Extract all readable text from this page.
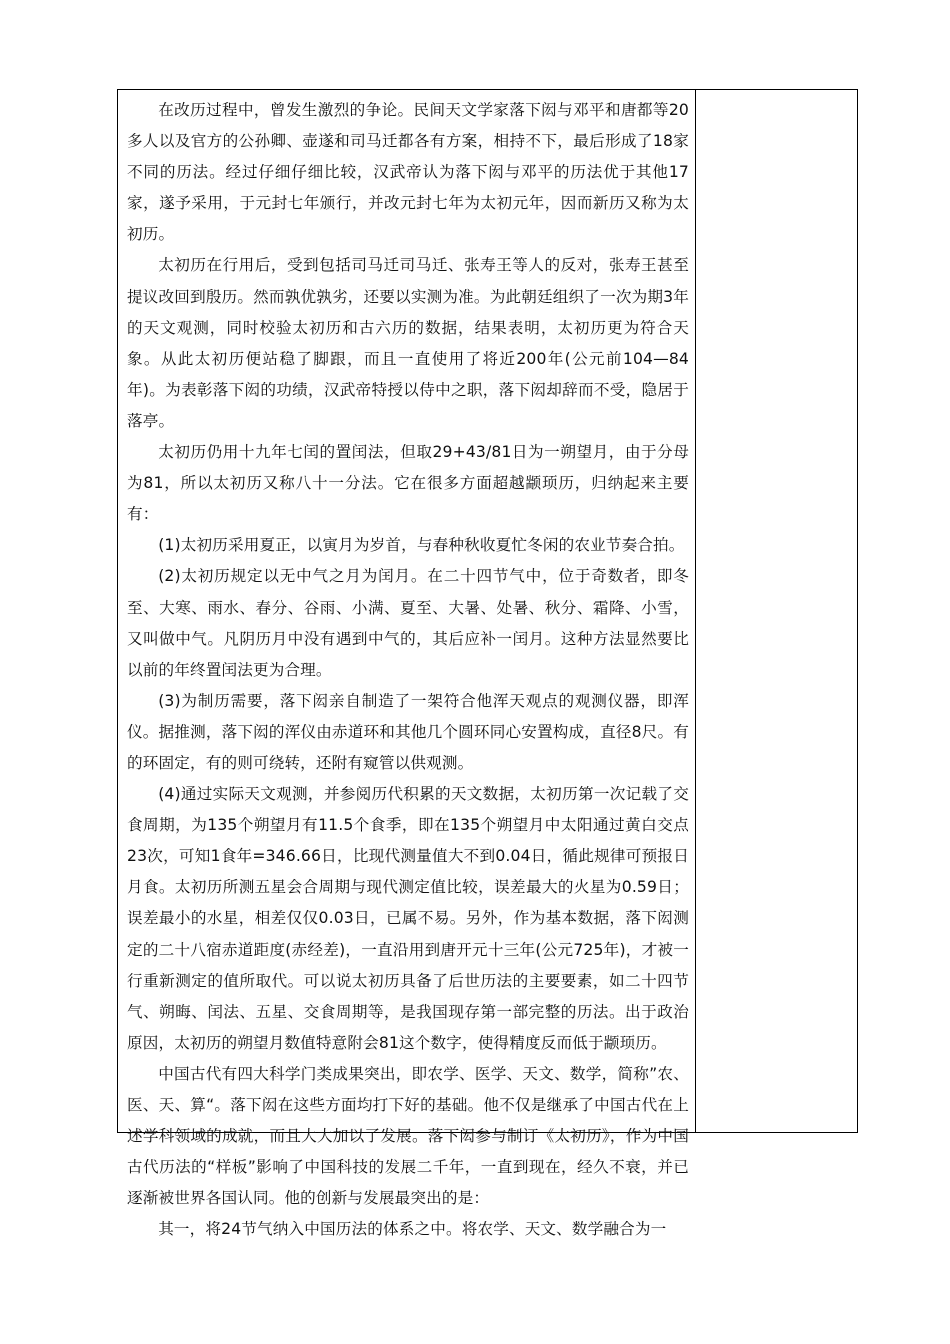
在改历过程中，曾发生激烈的争论。民间天文学家落下闳与邓平和唐都等20多人以及官方的公孙卿、壶遂和司马迁都各有方案，相持不下，最后形成了18家不同的历法。经过仔细仔细比较，汉武帝认为落下闳与邓平的历法优于其他17家，遂予采用，于元封七年颁行，并改元封七年为太初元年，因而新历又称为太初历。

太初历在行用后，受到包括司马迁司马迁、张寿王等人的反对，张寿王甚至提议改回到殷历。然而孰优孰劣，还要以实测为准。为此朝廷组织了一次为期3年的天文观测，同时校验太初历和古六历的数据，结果表明，太初历更为符合天象。从此太初历便站稳了脚跟，而且一直使用了将近200年(公元前104—84年)。为表彰落下闳的功绩，汉武帝特授以侍中之职，落下闳却辞而不受，隐居于落亭。

太初历仍用十九年七闰的置闰法，但取29+43/81日为一朔望月，由于分母为81，所以太初历又称八十一分法。它在很多方面超越颛顼历，归纳起来主要有：

(1)太初历采用夏正，以寅月为岁首，与春种秋收夏忙冬闲的农业节奏合拍。

(2)太初历规定以无中气之月为闰月。在二十四节气中，位于奇数者，即冬至、大寒、雨水、春分、谷雨、小满、夏至、大暑、处暑、秋分、霜降、小雪，又叫做中气。凡阴历月中没有遇到中气的，其后应补一闰月。这种方法显然要比以前的年终置闰法更为合理。

(3)为制历需要，落下闳亲自制造了一架符合他浑天观点的观测仪器，即浑仪。据推测，落下闳的浑仪由赤道环和其他几个圆环同心安置构成，直径8尺。有的环固定，有的则可绕转，还附有窥管以供观测。

(4)通过实际天文观测，并参阅历代积累的天文数据，太初历第一次记载了交食周期，为135个朔望月有11.5个食季，即在135个朔望月中太阳通过黄白交点23次，可知1食年=346.66日，比现代测量值大不到0.04日，循此规律可预报日月食。太初历所测五星会合周期与现代测定值比较，误差最大的火星为0.59日；误差最小的水星，相差仅仅0.03日，已属不易。另外，作为基本数据，落下闳测定的二十八宿赤道距度(赤经差)，一直沿用到唐开元十三年(公元725年)，才被一行重新测定的值所取代。可以说太初历具备了后世历法的主要要素，如二十四节气、朔晦、闰法、五星、交食周期等，是我国现存第一部完整的历法。出于政治原因，太初历的朔望月数值特意附会81这个数字，使得精度反而低于颛顼历。

中国古代有四大科学门类成果突出，即农学、医学、天文、数学，简称”农、医、天、算“。落下闳在这些方面均打下好的基础。他不仅是继承了中国古代在上述学科领域的成就，而且大大加以了发展。落下闳参与制订《太初历》，作为中国古代历法的“样板”影响了中国科技的发展二千年，一直到现在，经久不衰，并已逐渐被世界各国认同。他的创新与发展最突出的是：

其一，将24节气纳入中国历法的体系之中。将农学、天文、数学融合为一
